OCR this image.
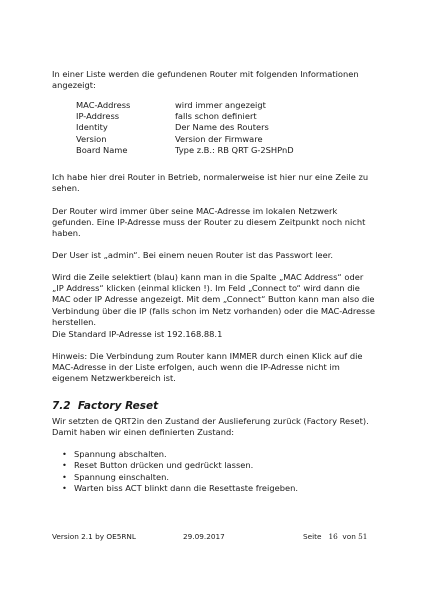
In einer Liste werden die gefundenen Router mit folgenden Informationen angezeigt:

MAC-Address	wird immer angezeigt
IP-Address	falls schon definiert
Identity	Der Name des Routers
Version	Version der Firmware
Board Name	Type z.B.: RB QRT G-2SHPnD

Ich habe hier drei Router in Betrieb, normalerweise ist hier nur eine Zeile zu sehen.

Der Router wird immer über seine MAC-Adresse im lokalen Netzwerk gefunden. Eine IP-Adresse muss der Router zu diesem Zeitpunkt noch nicht haben.

Der User ist „admin“. Bei einem neuen Router ist das Passwort leer.

Wird die Zeile selektiert (blau) kann man in die Spalte „MAC Address“ oder „IP Address“ klicken (einmal klicken !). Im Feld „Connect to“ wird dann die MAC oder IP Adresse angezeigt. Mit dem „Connect“ Button kann man also die Verbindung über die IP (falls schon im Netz vorhanden) oder die MAC-Adresse herstellen.

Die Standard IP-Adresse ist 192.168.88.1

Hinweis: Die Verbindung zum Router kann IMMER durch einen Klick auf die MAC-Adresse in der Liste erfolgen, auch wenn die IP-Adresse nicht im eigenem Netzwerkbereich ist.

7.2 Factory Reset

Wir setzten de QRT2in den Zustand der Auslieferung zurück (Factory Reset). Damit haben wir einen definierten Zustand:

• Spannung abschalten.
• Reset Button drücken und gedrückt lassen.
• Spannung einschalten.
• Warten biss ACT blinkt dann die Resettaste freigeben.
Version 2.1 by OE5RNL	29.09.2017	Seite 16 von 51
